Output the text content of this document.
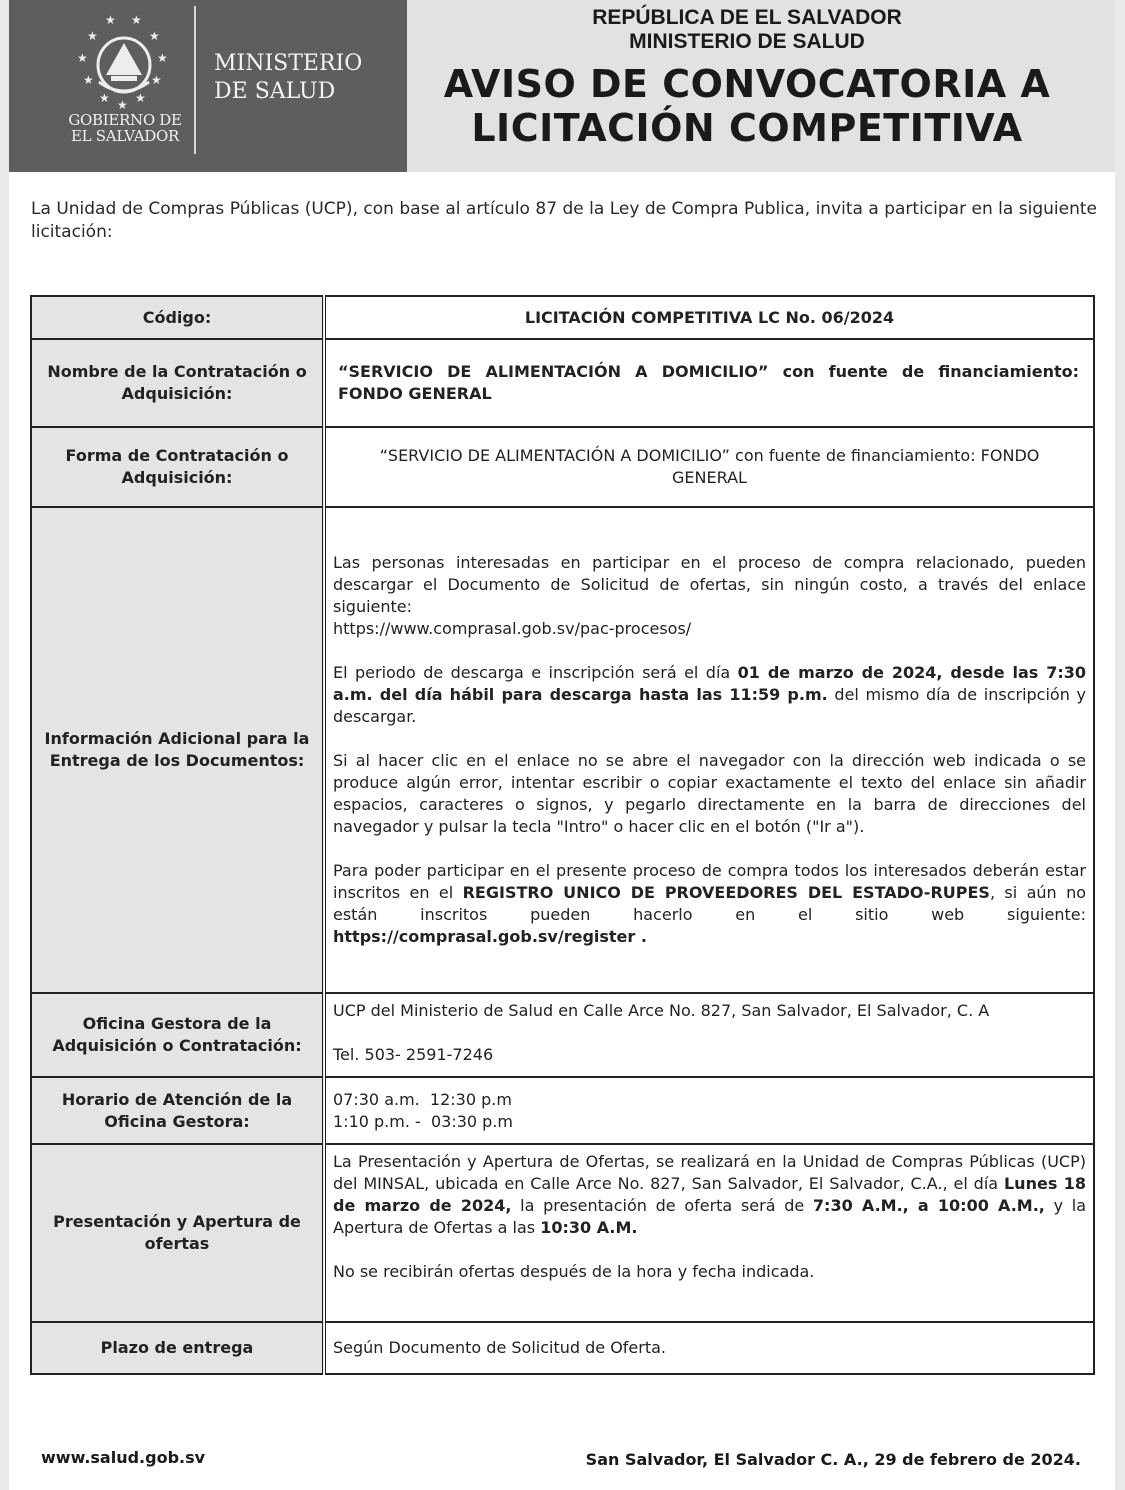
★
★
★
★ ★ ★
★
★
★
★ ★
GOBIERNO DE
EL SALVADOR
MINISTERIO
DE SALUD
REPÚBLICA DE EL SALVADOR
MINISTERIO DE SALUD
AVISO DE CONVOCATORIA A
LICITACIÓN COMPETITIVA
La Unidad de Compras Públicas (UCP), con base al artículo 87 de la Ley de Compra Publica, invita a participar en la siguiente licitación:
Código:	LICITACIÓN COMPETITIVA LC No. 06/2024
Nombre de la Contratación o Adquisición:	“SERVICIO DE ALIMENTACIÓN A DOMICILIO” con fuente de financiamiento: FONDO GENERAL
Forma de Contratación o Adquisición:	“SERVICIO DE ALIMENTACIÓN A DOMICILIO” con fuente de financiamiento: FONDO GENERAL
Información Adicional para la Entrega de los Documentos:	Las personas interesadas en participar en el proceso de compra relacionado, pueden descargar el Documento de Solicitud de ofertas, sin ningún costo, a través del enlace siguiente:

https://www.comprasal.gob.sv/pac-procesos/

El periodo de descarga e inscripción será el día 01 de marzo de 2024, desde las 7:30 a.m. del día hábil para descarga hasta las 11:59 p.m. del mismo día de inscripción y descargar.

Si al hacer clic en el enlace no se abre el navegador con la dirección web indicada o se produce algún error, intentar escribir o copiar exactamente el texto del enlace sin añadir espacios, caracteres o signos, y pegarlo directamente en la barra de direcciones del navegador y pulsar la tecla "Intro" o hacer clic en el botón ("Ir a").

Para poder participar en el presente proceso de compra todos los interesados deberán estar inscritos en el REGISTRO UNICO DE PROVEEDORES DEL ESTADO-RUPES, si aún no están inscritos pueden hacerlo en el sitio web siguiente: https://comprasal.gob.sv/register .

Oficina Gestora de la Adquisición o Contratación:	UCP del Ministerio de Salud en Calle Arce No. 827, San Salvador, El Salvador, C. A

Tel. 503- 2591-7246

Horario de Atención de la Oficina Gestora:	07:30 a.m.  12:30 p.m

1:10 p.m. -  03:30 p.m

Presentación y Apertura de ofertas	La Presentación y Apertura de Ofertas, se realizará en la Unidad de Compras Públicas (UCP) del MINSAL, ubicada en Calle Arce No. 827, San Salvador, El Salvador, C.A., el día Lunes 18 de marzo de 2024, la presentación de oferta será de 7:30 A.M., a 10:00 A.M., y la Apertura de Ofertas a las 10:30 A.M.

No se recibirán ofertas después de la hora y fecha indicada.

Plazo de entrega	Según Documento de Solicitud de Oferta.
www.salud.gob.sv	San Salvador, El Salvador C. A., 29 de febrero de 2024.
